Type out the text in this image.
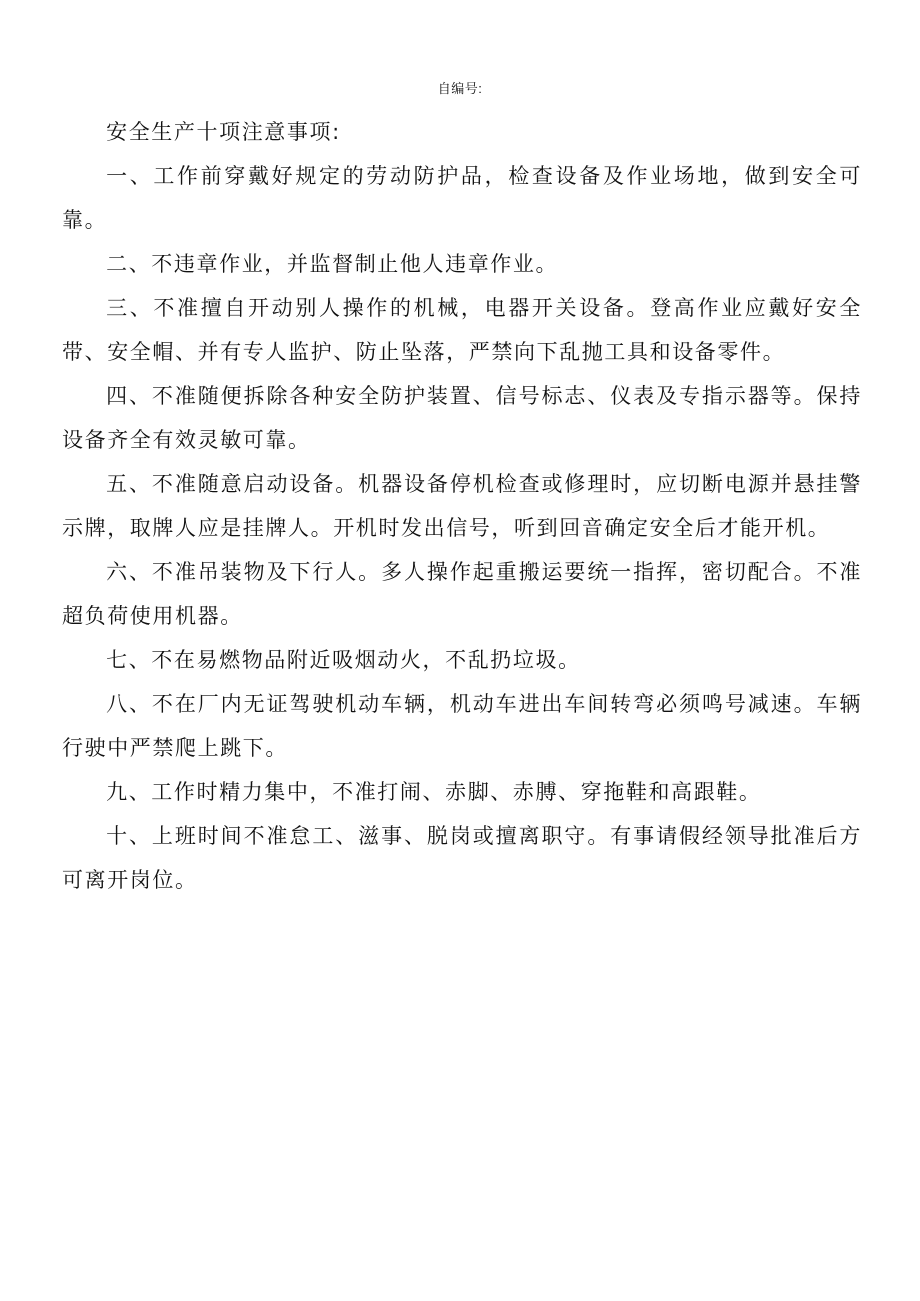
自编号:

安全生产十项注意事项:

一、工作前穿戴好规定的劳动防护品，检查设备及作业场地，做到安全可靠。

二、不违章作业，并监督制止他人违章作业。

三、不准擅自开动别人操作的机械，电器开关设备。登高作业应戴好安全带、安全帽、并有专人监护、防止坠落，严禁向下乱抛工具和设备零件。

四、不准随便拆除各种安全防护装置、信号标志、仪表及专指示器等。保持设备齐全有效灵敏可靠。

五、不准随意启动设备。机器设备停机检查或修理时，应切断电源并悬挂警示牌，取牌人应是挂牌人。开机时发出信号，听到回音确定安全后才能开机。

六、不准吊装物及下行人。多人操作起重搬运要统一指挥，密切配合。不准超负荷使用机器。

七、不在易燃物品附近吸烟动火，不乱扔垃圾。

八、不在厂内无证驾驶机动车辆，机动车进出车间转弯必须鸣号减速。车辆行驶中严禁爬上跳下。

九、工作时精力集中，不准打闹、赤脚、赤膊、穿拖鞋和高跟鞋。

十、上班时间不准怠工、滋事、脱岗或擅离职守。有事请假经领导批准后方可离开岗位。
